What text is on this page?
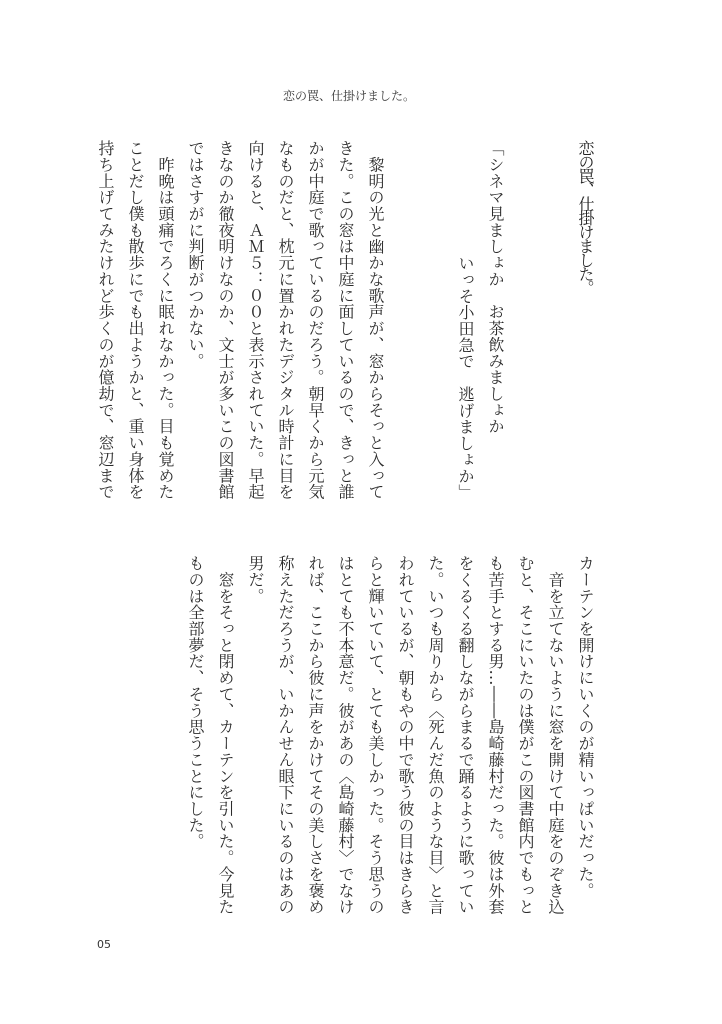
恋の罠、仕掛けました。
恋の罠、仕掛けました。
「シネマ見ましょか　お茶飲みましょか
いっそ小田急で　逃げましょか」
　黎明の光と幽かな歌声が、窓からそっと入って
きた。この窓は中庭に面しているので、きっと誰
かが中庭で歌っているのだろう。朝早くから元気
なものだと、枕元に置かれたデジタル時計に目を
向けると、ＡＭ５：００と表示されていた。早起
きなのか徹夜明けなのか、文士が多いこの図書館
ではさすがに判断がつかない。
　昨晩は頭痛でろくに眠れなかった。目も覚めた
ことだし僕も散歩にでも出ようかと、重い身体を
持ち上げてみたけれど歩くのが億劫で、窓辺まで
カーテンを開けにいくのが精いっぱいだった。
　音を立てないように窓を開けて中庭をのぞき込
むと、そこにいたのは僕がこの図書館内でもっと
も苦手とする男…――島崎藤村だった。彼は外套
をくるくる翻しながらまるで踊るように歌ってい
た。いつも周りから〈死んだ魚のような目〉と言
われているが、朝もやの中で歌う彼の目はきらき
らと輝いていて、とても美しかった。そう思うの
はとても不本意だ。彼があの〈島崎藤村〉でなけ
れば、ここから彼に声をかけてその美しさを褒め
称えただろうが、いかんせん眼下にいるのはあの
男だ。
　窓をそっと閉めて、カーテンを引いた。今見た
ものは全部夢だ、そう思うことにした。
05
